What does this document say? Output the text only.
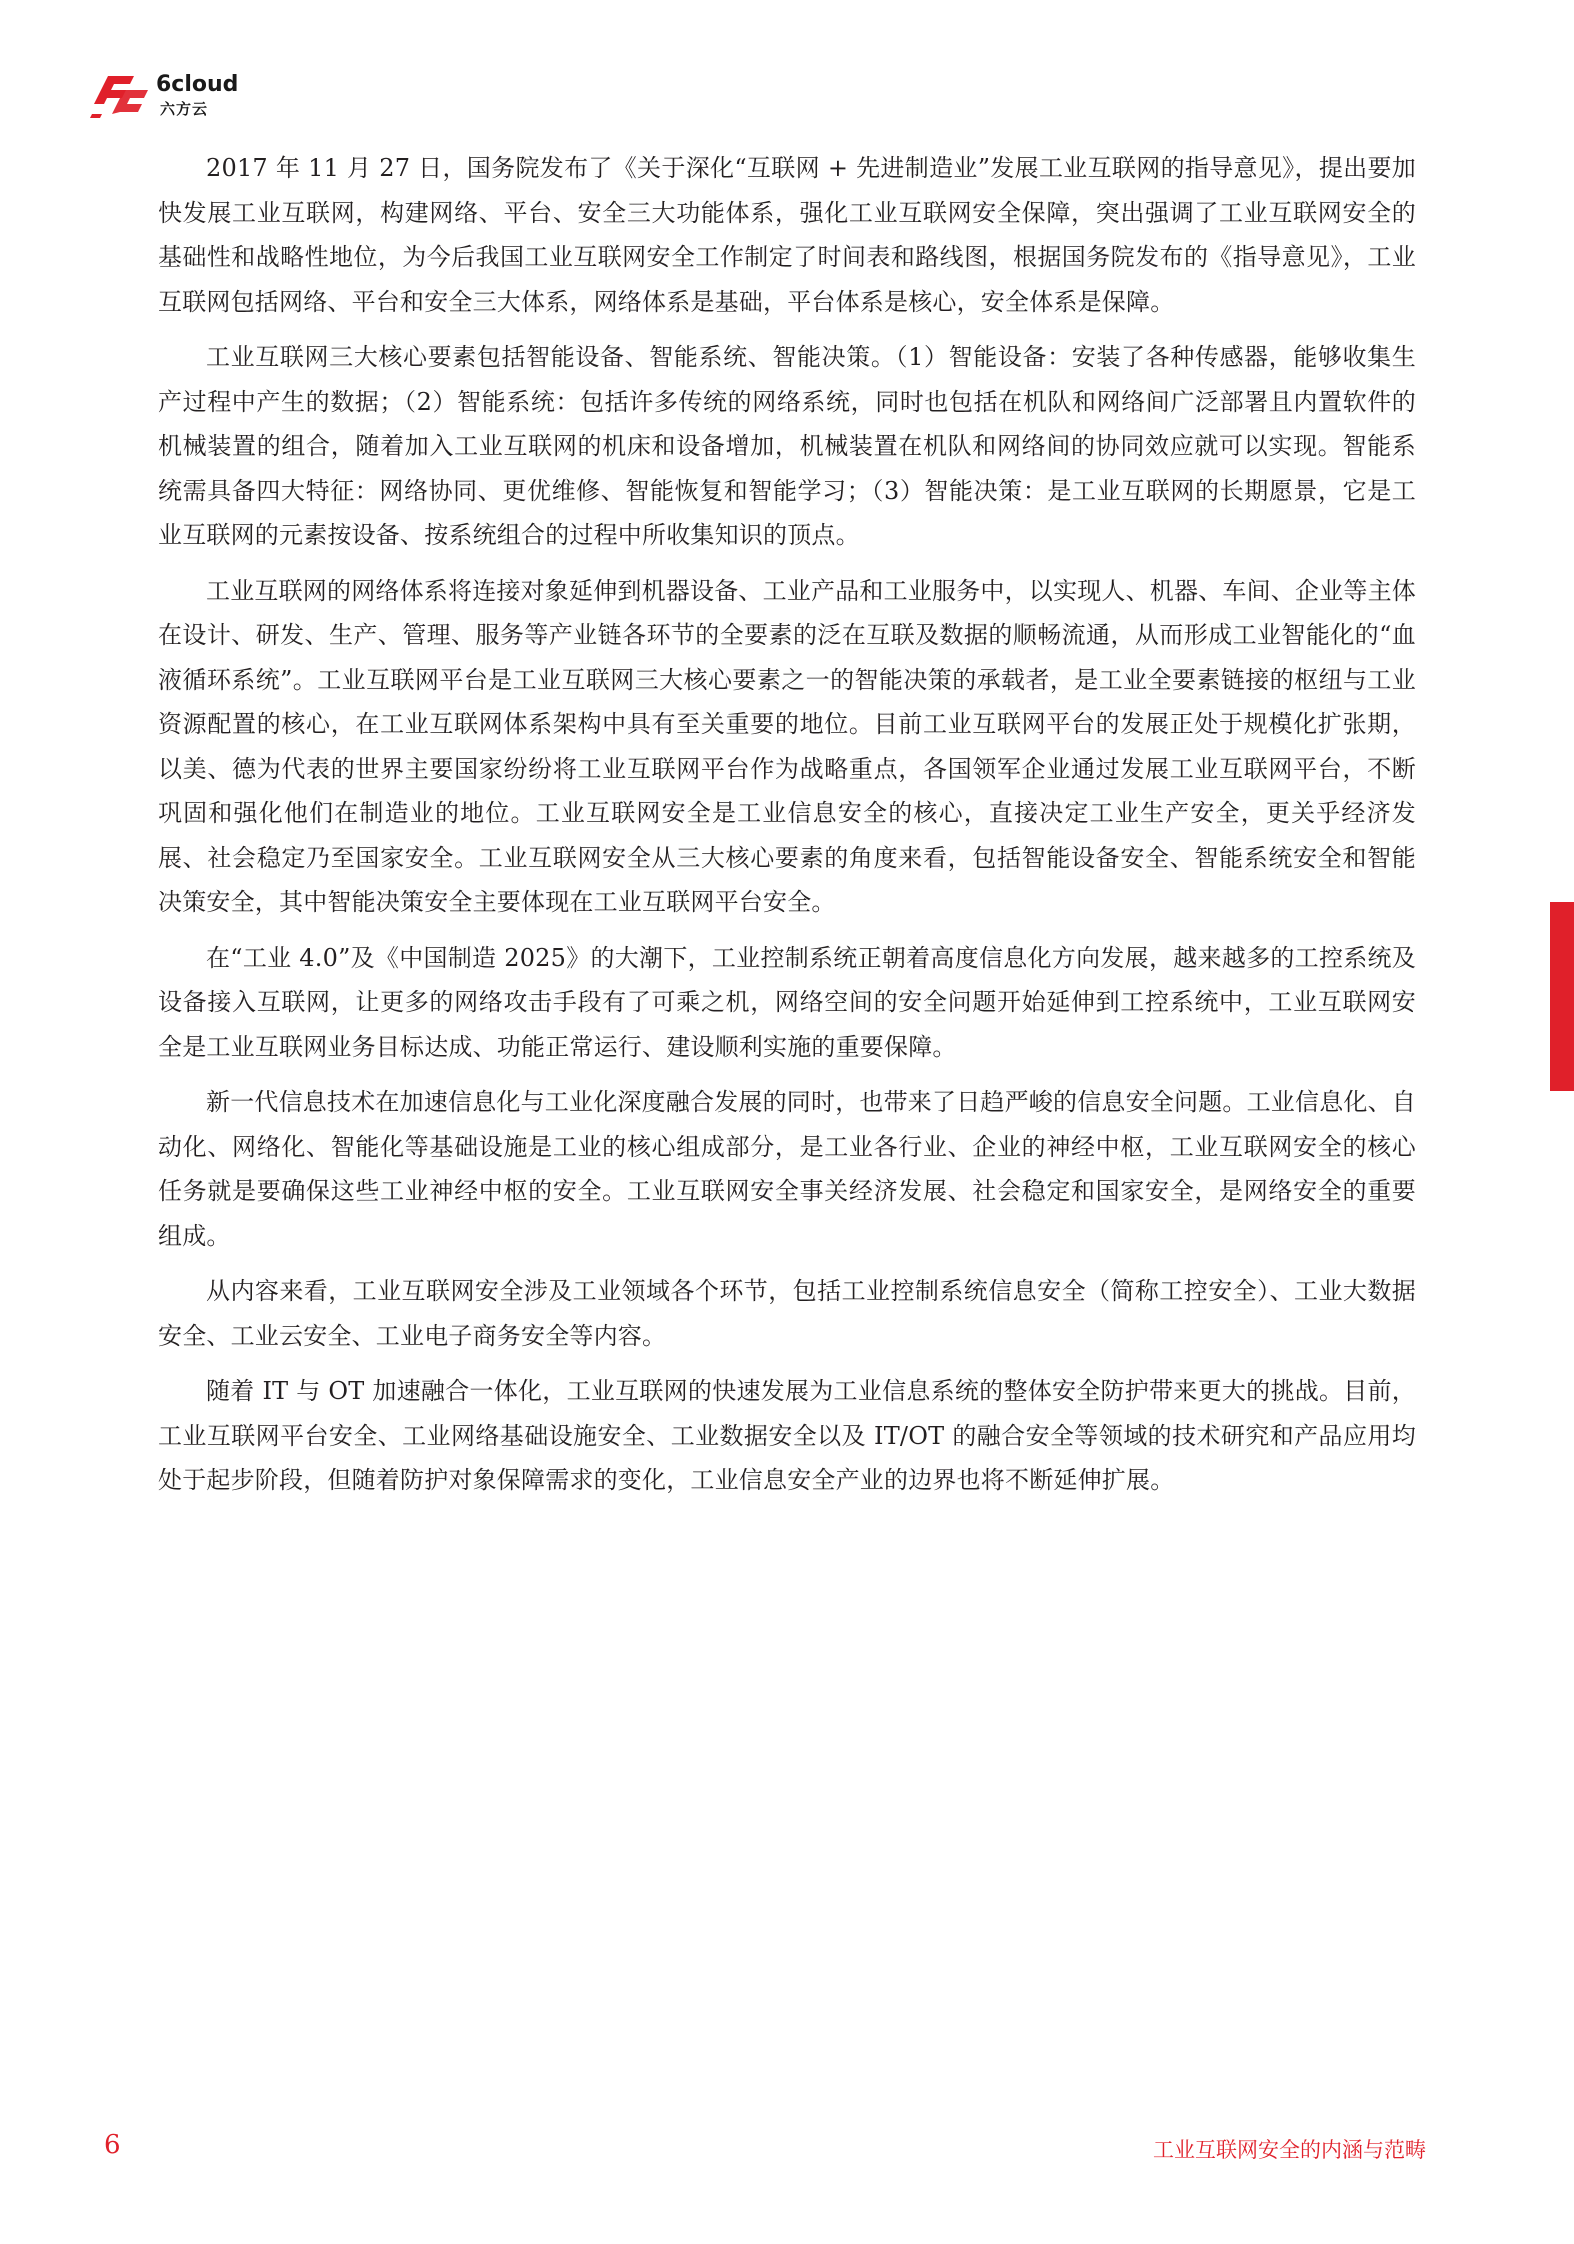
6cloud
六方云

2017 年 11 月 27 日，国务院发布了《关于深化“互联网 + 先进制造业”发展工业互联网的指导意见》，提出要加快发展工业互联网，构建网络、平台、安全三大功能体系，强化工业互联网安全保障，突出强调了工业互联网安全的基础性和战略性地位，为今后我国工业互联网安全工作制定了时间表和路线图，根据国务院发布的《指导意见》，工业互联网包括网络、平台和安全三大体系，网络体系是基础，平台体系是核心，安全体系是保障。

工业互联网三大核心要素包括智能设备、智能系统、智能决策。（1）智能设备：安装了各种传感器，能够收集生产过程中产生的数据；（2）智能系统：包括许多传统的网络系统，同时也包括在机队和网络间广泛部署且内置软件的机械装置的组合，随着加入工业互联网的机床和设备增加，机械装置在机队和网络间的协同效应就可以实现。智能系统需具备四大特征：网络协同、更优维修、智能恢复和智能学习；（3）智能决策：是工业互联网的长期愿景，它是工业互联网的元素按设备、按系统组合的过程中所收集知识的顶点。

工业互联网的网络体系将连接对象延伸到机器设备、工业产品和工业服务中，以实现人、机器、车间、企业等主体在设计、研发、生产、管理、服务等产业链各环节的全要素的泛在互联及数据的顺畅流通，从而形成工业智能化的“血液循环系统”。工业互联网平台是工业互联网三大核心要素之一的智能决策的承载者，是工业全要素链接的枢纽与工业资源配置的核心，在工业互联网体系架构中具有至关重要的地位。目前工业互联网平台的发展正处于规模化扩张期，以美、德为代表的世界主要国家纷纷将工业互联网平台作为战略重点，各国领军企业通过发展工业互联网平台，不断巩固和强化他们在制造业的地位。工业互联网安全是工业信息安全的核心，直接决定工业生产安全，更关乎经济发展、社会稳定乃至国家安全。工业互联网安全从三大核心要素的角度来看，包括智能设备安全、智能系统安全和智能决策安全，其中智能决策安全主要体现在工业互联网平台安全。

在“工业 4.0”及《中国制造 2025》的大潮下，工业控制系统正朝着高度信息化方向发展，越来越多的工控系统及设备接入互联网，让更多的网络攻击手段有了可乘之机，网络空间的安全问题开始延伸到工控系统中，工业互联网安全是工业互联网业务目标达成、功能正常运行、建设顺利实施的重要保障。

新一代信息技术在加速信息化与工业化深度融合发展的同时，也带来了日趋严峻的信息安全问题。工业信息化、自动化、网络化、智能化等基础设施是工业的核心组成部分，是工业各行业、企业的神经中枢，工业互联网安全的核心任务就是要确保这些工业神经中枢的安全。工业互联网安全事关经济发展、社会稳定和国家安全，是网络安全的重要组成。

从内容来看，工业互联网安全涉及工业领域各个环节，包括工业控制系统信息安全（简称工控安全）、工业大数据安全、工业云安全、工业电子商务安全等内容。

随着 IT 与 OT 加速融合一体化，工业互联网的快速发展为工业信息系统的整体安全防护带来更大的挑战。目前，工业互联网平台安全、工业网络基础设施安全、工业数据安全以及 IT/OT 的融合安全等领域的技术研究和产品应用均处于起步阶段，但随着防护对象保障需求的变化，工业信息安全产业的边界也将不断延伸扩展。

6	工业互联网安全的内涵与范畴
